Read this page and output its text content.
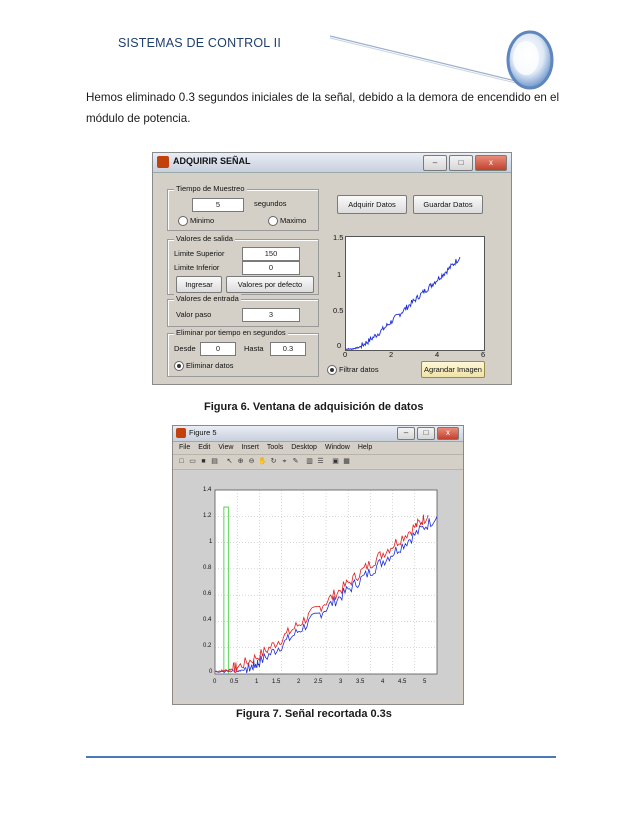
SISTEMAS DE CONTROL II
Hemos eliminado 0.3 segundos iniciales de la señal, debido a la demora de encendido en el módulo de potencia.
ADQUIRIR SEÑAL	–	□	x
Tiempo de Muestreo
5	segundos
Minimo	Maximo
Valores de salida
Limite Superior	150
Limite Inferior	0
Ingresar	Valores por defecto
Valores de entrada
Valor paso	3
Eliminar por tiempo en segundos
Desde	0	Hasta	0.3
Eliminar datos
Adquirir Datos	Guardar Datos
1.5
1
0.5
0
0	2	4	6
Filtrar datos	Agrandar Imagen
Figura 6. Ventana de adquisición de datos
Figure 5	–	□	x
File Edit View Insert Tools Desktop Window Help
□ ▭ ■ ▤ ↖ ⊕ ⊖ ✋ ↻ ⌖ ✎ ▥ ☰ ▣ ▦
1.4
1.2
1
0.8
0.6
0.4
0.2
0
0 0.5	1 1.5	2 2.5	3 3.5	4 4.5	5
Figura 7. Señal recortada 0.3s
